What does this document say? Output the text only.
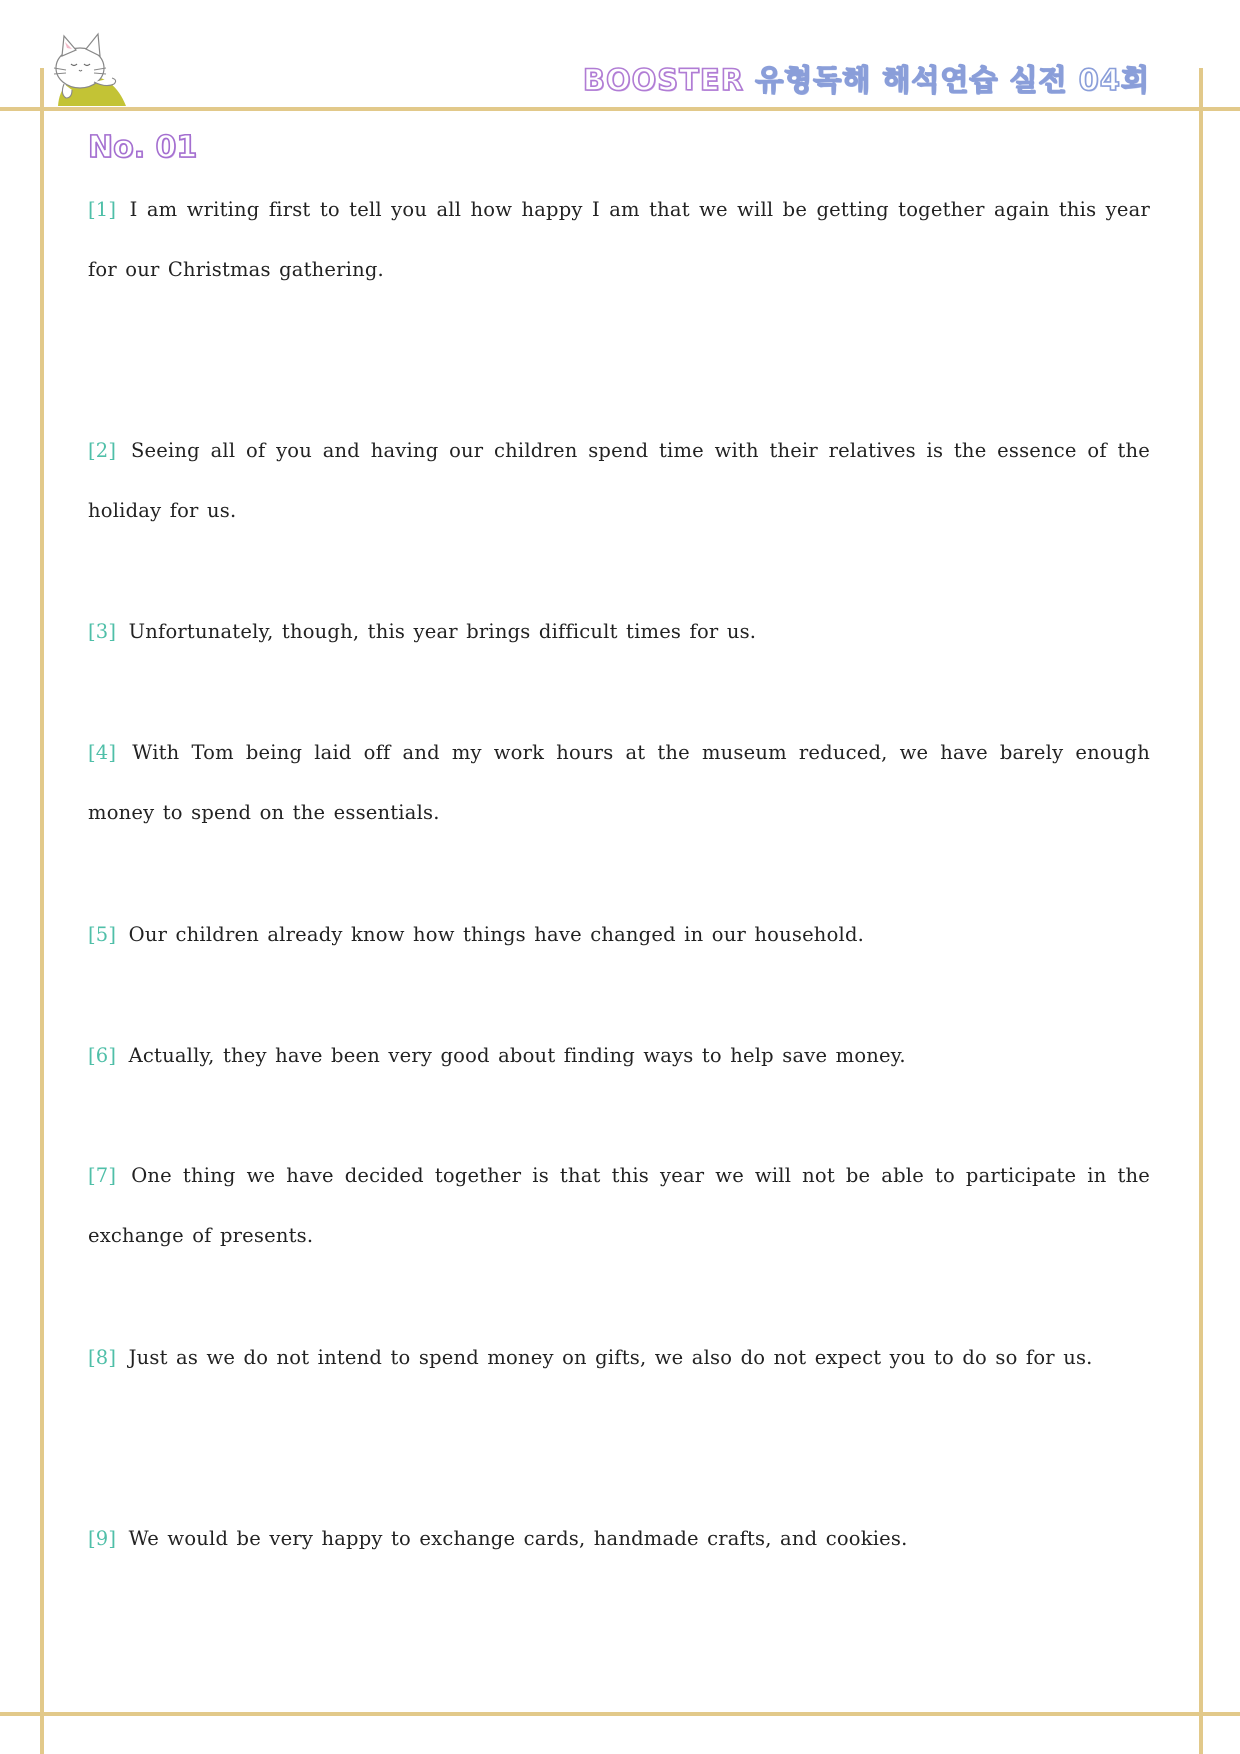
BOOSTER 유형독해 해석연습 실전 04회
No. 01

[1] I am writing first to tell you all how happy I am that we will be getting together again this year for our Christmas gathering.

[2] Seeing all of you and having our children spend time with their relatives is the essence of the holiday for us.

[3] Unfortunately, though, this year brings difficult times for us.

[4] With Tom being laid off and my work hours at the museum reduced, we have barely enough money to spend on the essentials.

[5] Our children already know how things have changed in our household.

[6] Actually, they have been very good about finding ways to help save money.

[7] One thing we have decided together is that this year we will not be able to participate in the exchange of presents.

[8] Just as we do not intend to spend money on gifts, we also do not expect you to do so for us.

[9] We would be very happy to exchange cards, handmade crafts, and cookies.
